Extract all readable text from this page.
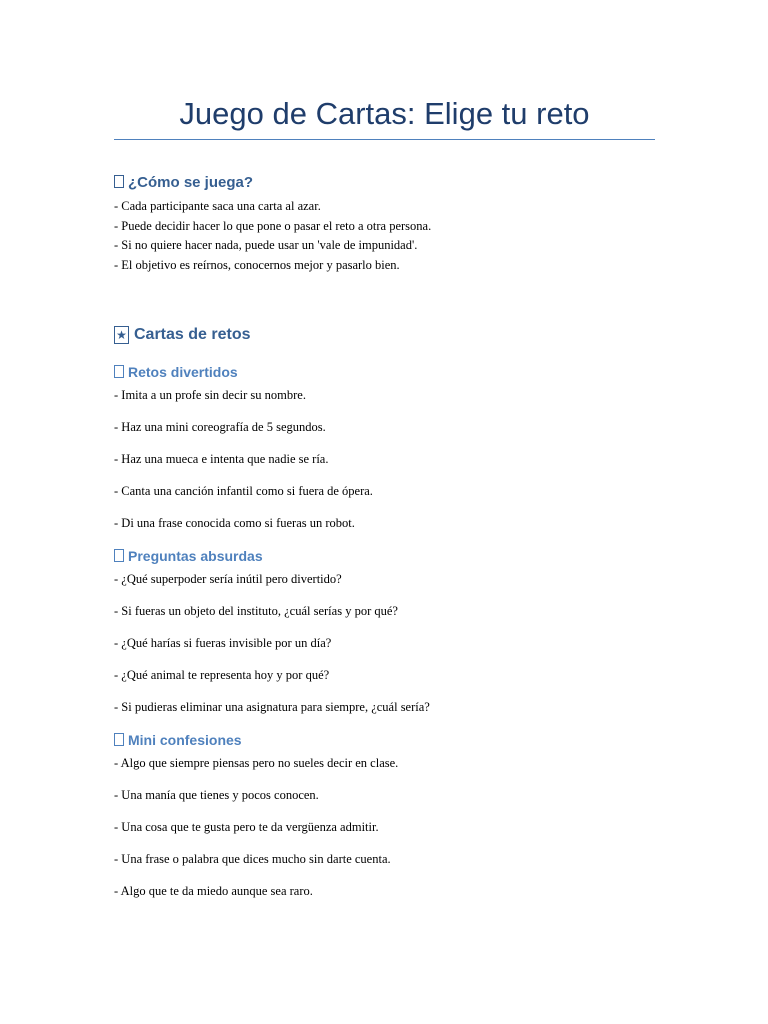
Juego de Cartas: Elige tu reto
¿Cómo se juega?
- Cada participante saca una carta al azar.
- Puede decidir hacer lo que pone o pasar el reto a otra persona.
- Si no quiere hacer nada, puede usar un 'vale de impunidad'.
- El objetivo es reírnos, conocernos mejor y pasarlo bien.
★ Cartas de retos
Retos divertidos
- Imita a un profe sin decir su nombre.
- Haz una mini coreografía de 5 segundos.
- Haz una mueca e intenta que nadie se ría.
- Canta una canción infantil como si fuera de ópera.
- Di una frase conocida como si fueras un robot.
Preguntas absurdas
- ¿Qué superpoder sería inútil pero divertido?
- Si fueras un objeto del instituto, ¿cuál serías y por qué?
- ¿Qué harías si fueras invisible por un día?
- ¿Qué animal te representa hoy y por qué?
- Si pudieras eliminar una asignatura para siempre, ¿cuál sería?
Mini confesiones
- Algo que siempre piensas pero no sueles decir en clase.
- Una manía que tienes y pocos conocen.
- Una cosa que te gusta pero te da vergüenza admitir.
- Una frase o palabra que dices mucho sin darte cuenta.
- Algo que te da miedo aunque sea raro.
